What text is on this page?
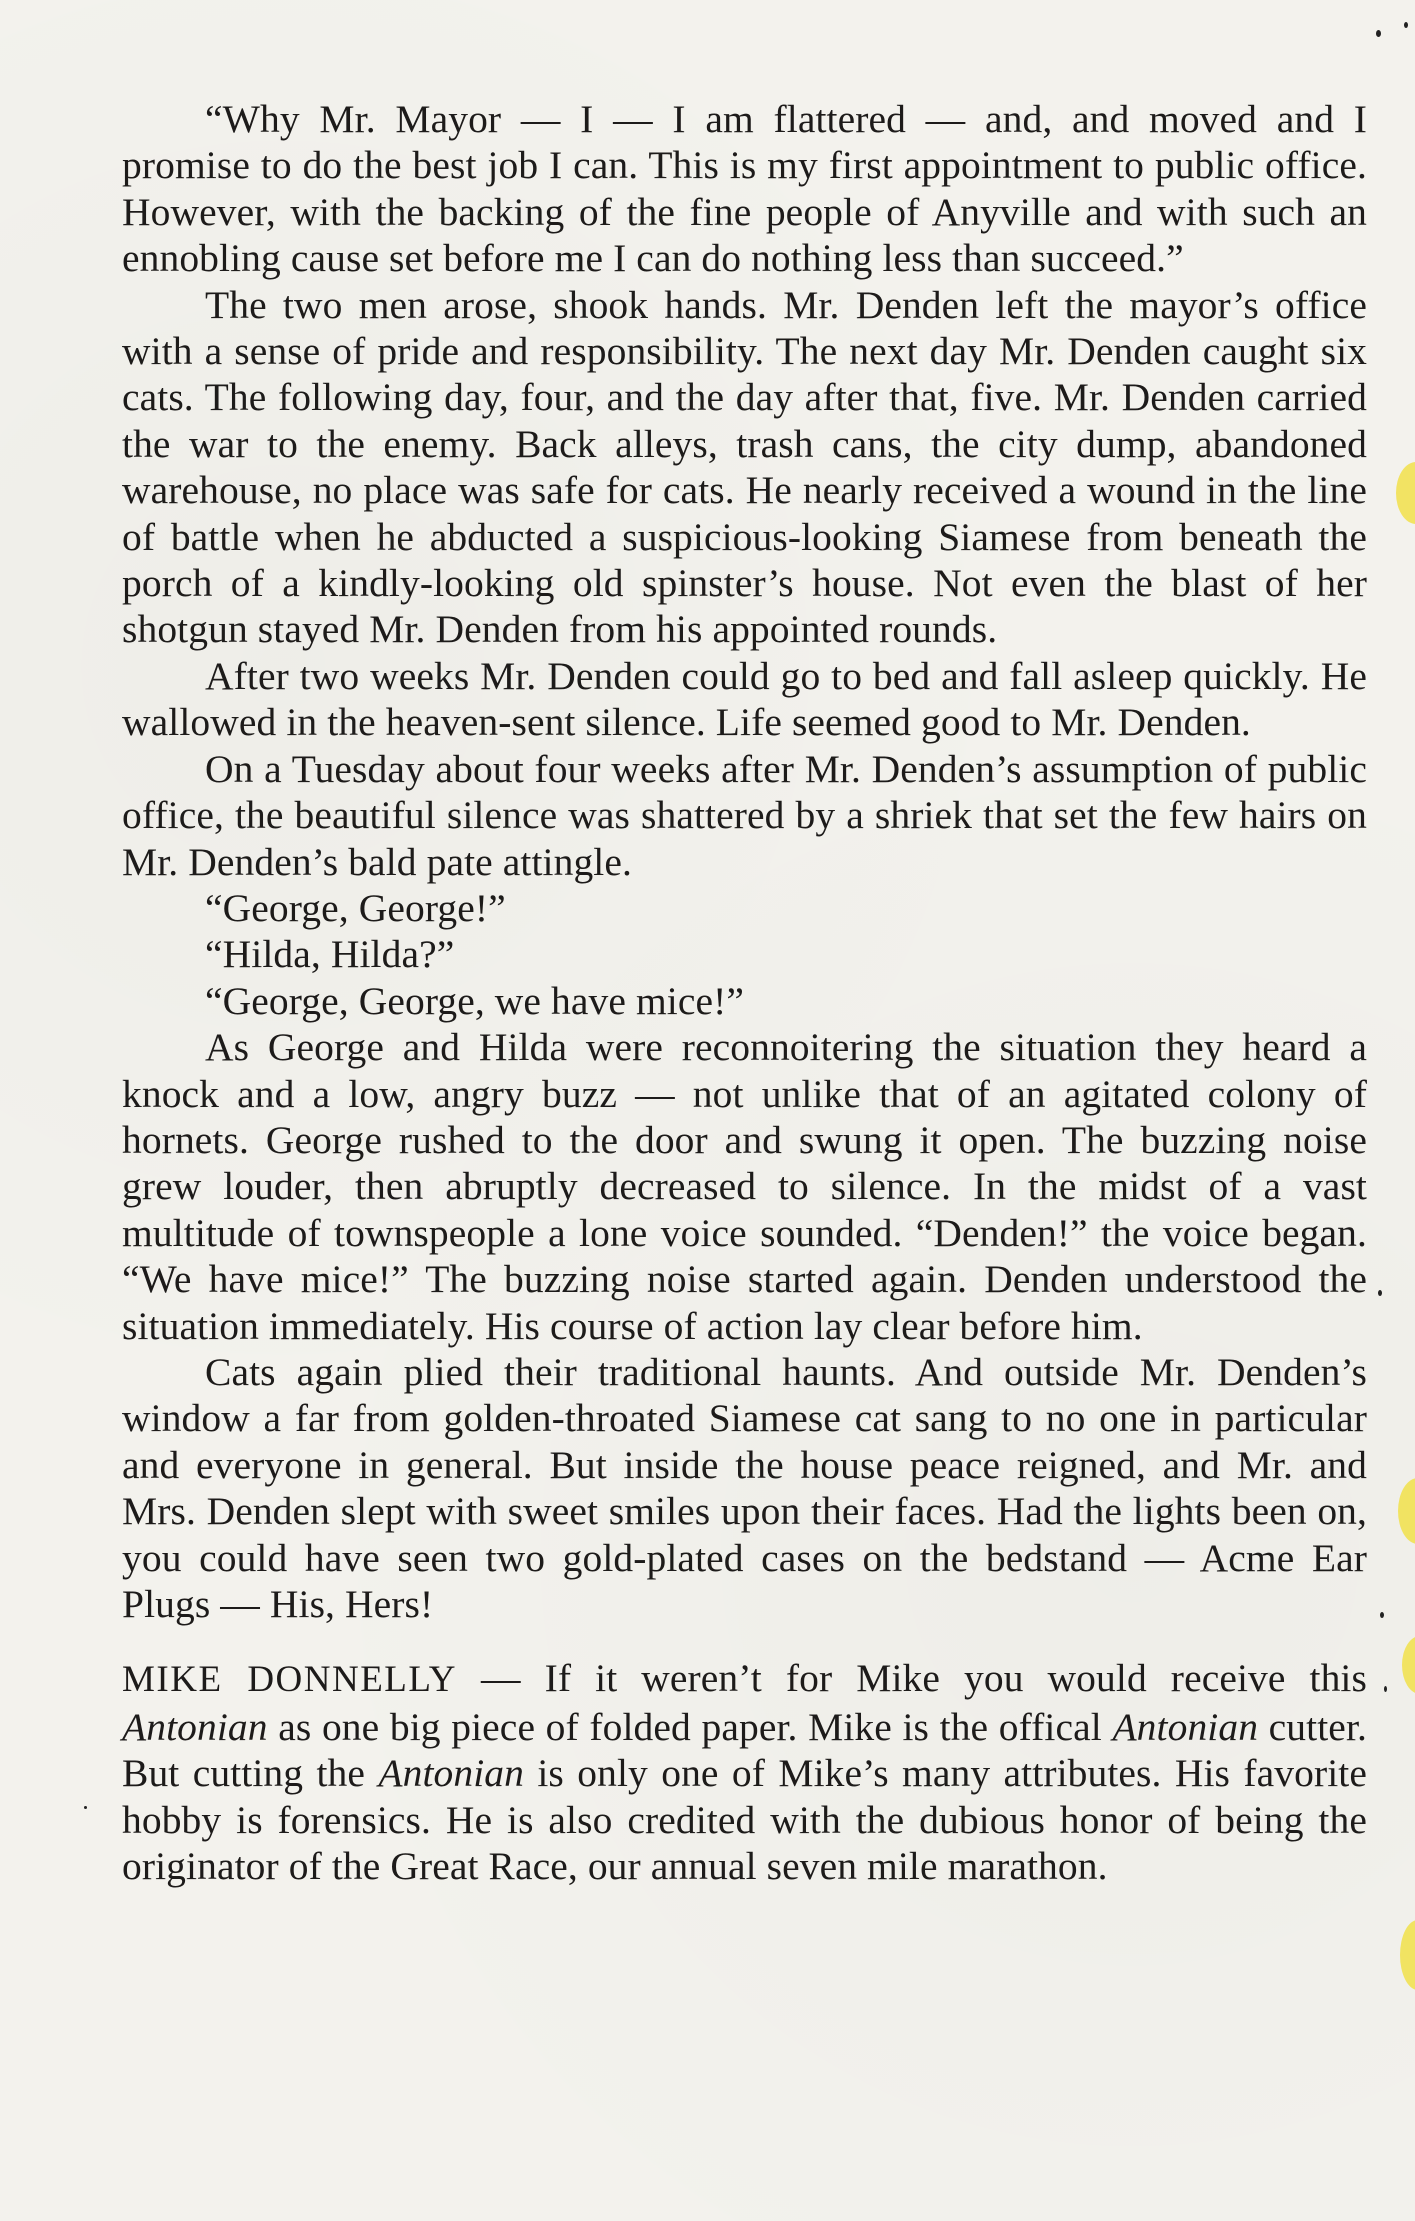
“Why Mr. Mayor — I — I am flattered — and, and moved and I promise to do the best job I can. This is my first appointment to public office. However, with the backing of the fine people of Anyville and with such an ennobling cause set before me I can do nothing less than succeed.”

The two men arose, shook hands. Mr. Denden left the mayor’s office with a sense of pride and responsibility. The next day Mr. Denden caught six cats. The following day, four, and the day after that, five. Mr. Denden carried the war to the enemy. Back alleys, trash cans, the city dump, abandoned warehouse, no place was safe for cats. He nearly received a wound in the line of battle when he abducted a suspicious-looking Siamese from beneath the porch of a kindly-looking old spinster’s house. Not even the blast of her shotgun stayed Mr. Denden from his appointed rounds.

After two weeks Mr. Denden could go to bed and fall asleep quickly. He wallowed in the heaven-sent silence. Life seemed good to Mr. Denden.

On a Tuesday about four weeks after Mr. Denden’s assumption of public office, the beautiful silence was shattered by a shriek that set the few hairs on Mr. Denden’s bald pate attingle.

“George, George!”

“Hilda, Hilda?”

“George, George, we have mice!”

As George and Hilda were reconnoitering the situation they heard a knock and a low, angry buzz — not unlike that of an agitated colony of hornets. George rushed to the door and swung it open. The buzzing noise grew louder, then abruptly decreased to silence. In the midst of a vast multitude of townspeople a lone voice sounded. “Denden!” the voice began. “We have mice!” The buzzing noise started again. Denden understood the situation immediately. His course of action lay clear before him.

Cats again plied their traditional haunts. And outside Mr. Denden’s window a far from golden-throated Siamese cat sang to no one in particular and everyone in general. But inside the house peace reigned, and Mr. and Mrs. Denden slept with sweet smiles upon their faces. Had the lights been on, you could have seen two gold-plated cases on the bedstand — Acme Ear Plugs — His, Hers!

MIKE DONNELLY — If it weren’t for Mike you would receive this Antonian as one big piece of folded paper. Mike is the offical Antonian cutter. But cutting the Antonian is only one of Mike’s many attributes. His favorite hobby is forensics. He is also credited with the dubious honor of being the originator of the Great Race, our annual seven mile marathon.
